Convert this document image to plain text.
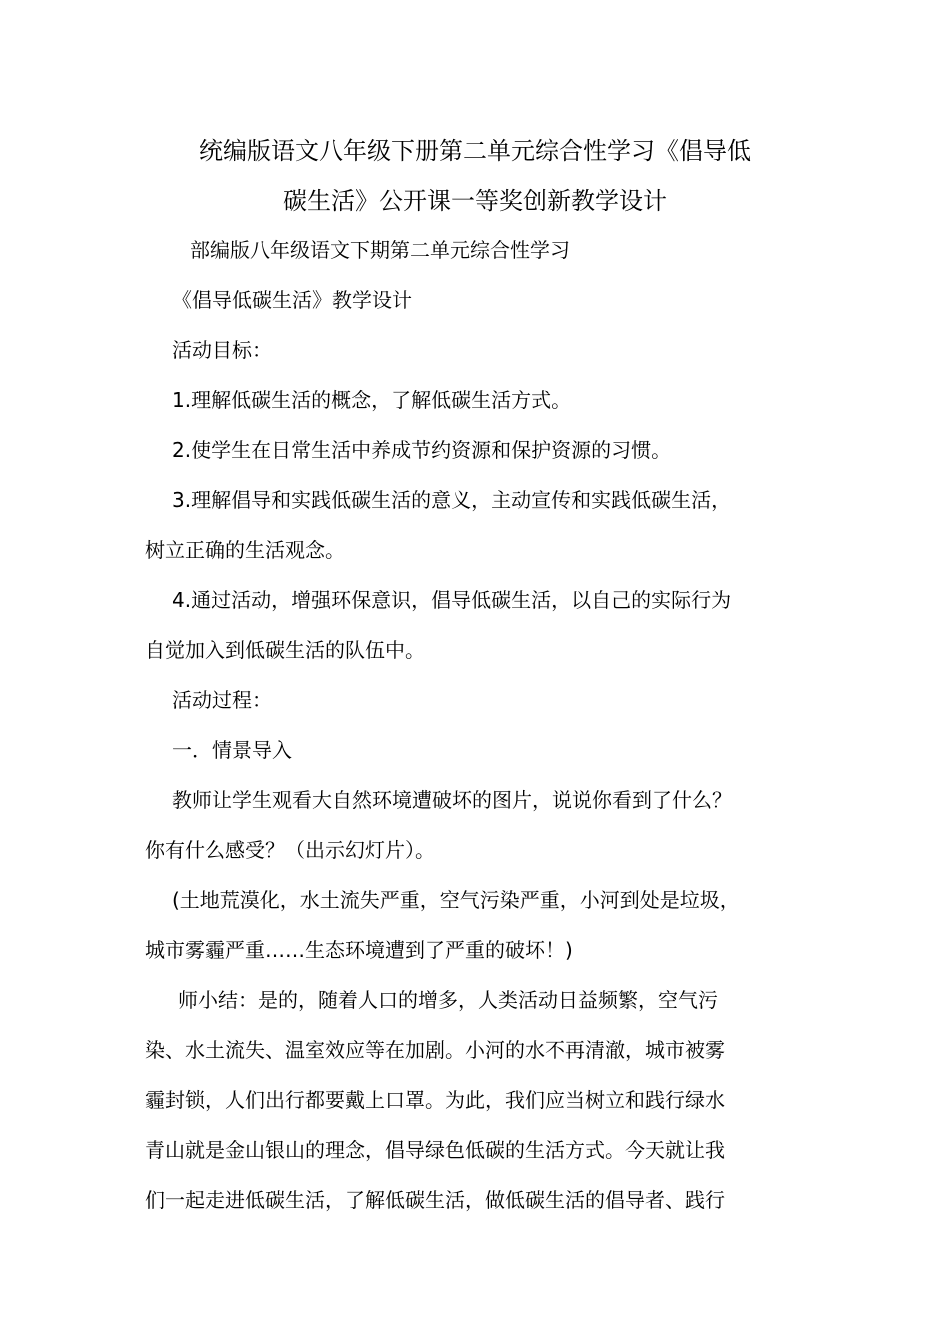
统编版语文八年级下册第二单元综合性学习《倡导低
碳生活》公开课一等奖创新教学设计

部编版八年级语文下期第二单元综合性学习

《倡导低碳生活》教学设计

活动目标：

1.理解低碳生活的概念，了解低碳生活方式。

2.使学生在日常生活中养成节约资源和保护资源的习惯。

3.理解倡导和实践低碳生活的意义，主动宣传和实践低碳生活，

树立正确的生活观念。

4.通过活动，增强环保意识，倡导低碳生活，以自己的实际行为

自觉加入到低碳生活的队伍中。

活动过程：

一．情景导入

教师让学生观看大自然环境遭破坏的图片，说说你看到了什么？

你有什么感受？（出示幻灯片）。

(土地荒漠化，水土流失严重，空气污染严重，小河到处是垃圾，

城市雾霾严重……生态环境遭到了严重的破坏！)

师小结：是的，随着人口的增多，人类活动日益频繁，空气污

染、水土流失、温室效应等在加剧。小河的水不再清澈，城市被雾

霾封锁，人们出行都要戴上口罩。为此，我们应当树立和践行绿水

青山就是金山银山的理念，倡导绿色低碳的生活方式。今天就让我

们一起走进低碳生活，了解低碳生活，做低碳生活的倡导者、践行
